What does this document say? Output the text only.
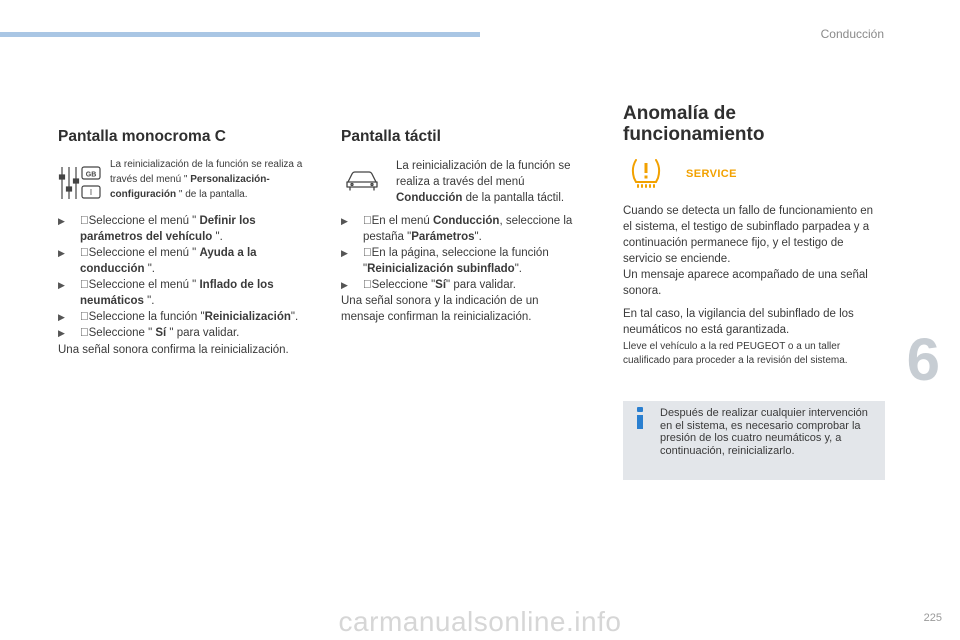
Conducción
6
225
carmanualsonline.info
Pantalla monocroma C
GB
I
La reinicialización de la función se realiza a través del menú " Personalización-configuración " de la pantalla.
▶ Seleccione el menú " Definir los parámetros del vehículo ".
▶ Seleccione el menú " Ayuda a la conducción ".
▶ Seleccione el menú " Inflado de los neumáticos ".
▶ Seleccione la función "Reinicialización".
▶ Seleccione " Sí " para validar.
Una señal sonora confirma la reinicialización.
Pantalla táctil
La reinicialización de la función se realiza a través del menú Conducción de la pantalla táctil.
▶ En el menú Conducción, seleccione la pestaña "Parámetros".
▶ En la página, seleccione la función "Reinicialización subinflado".
▶ Seleccione "Sí" para validar.
Una señal sonora y la indicación de un mensaje confirman la reinicialización.
Anomalía de
funcionamiento
SERVICE
Cuando se detecta un fallo de funcionamiento en el sistema, el testigo de subinflado parpadea y a continuación permanece fijo, y el testigo de servicio se enciende.
Un mensaje aparece acompañado de una señal sonora.
En tal caso, la vigilancia del subinflado de los neumáticos no está garantizada.
Lleve el vehículo a la red PEUGEOT o a un taller cualificado para proceder a la revisión del sistema.
Después de realizar cualquier intervención en el sistema, es necesario comprobar la presión de los cuatro neumáticos y, a continuación, reinicializarlo.
